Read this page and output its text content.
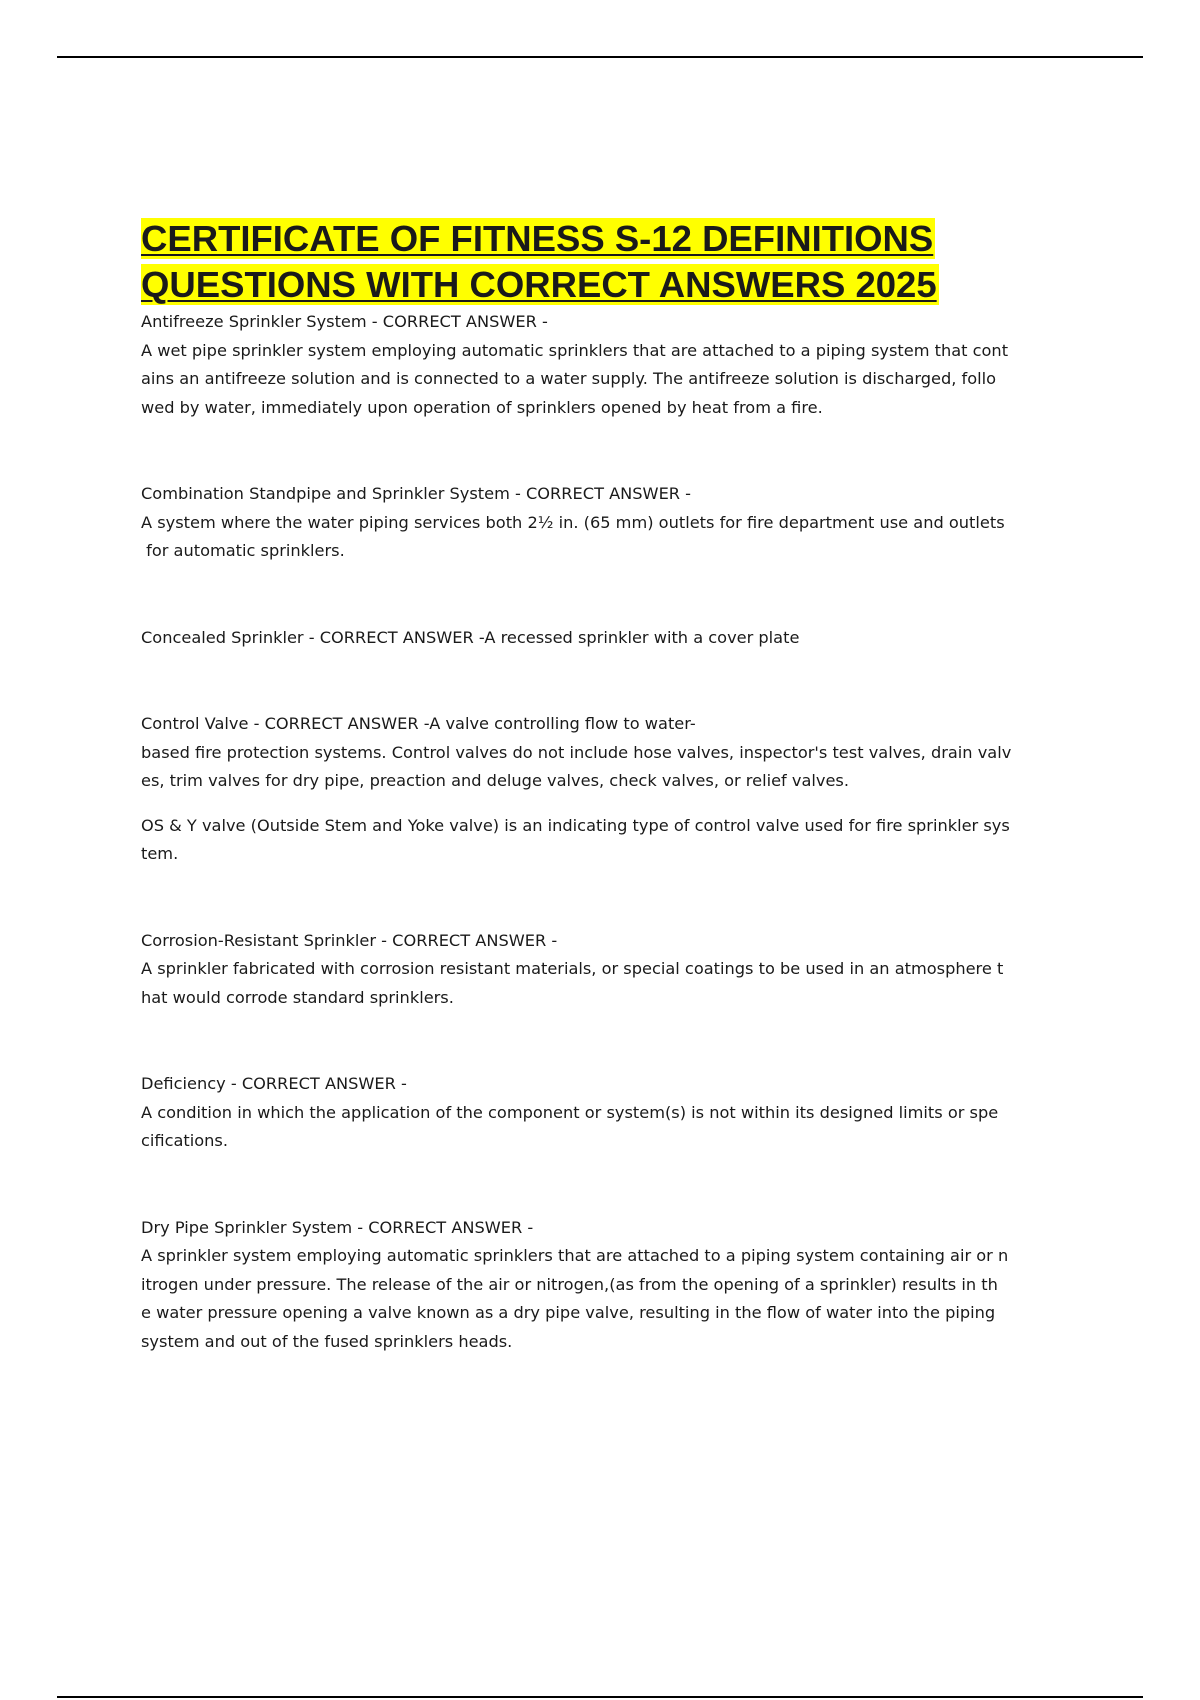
CERTIFICATE OF FITNESS S-12 DEFINITIONS
QUESTIONS WITH CORRECT ANSWERS 2025
Antifreeze Sprinkler System - CORRECT ANSWER -
A wet pipe sprinkler system employing automatic sprinklers that are attached to a piping system that cont
ains an antifreeze solution and is connected to a water supply. The antifreeze solution is discharged, follo
wed by water, immediately upon operation of sprinklers opened by heat from a fire.
Combination Standpipe and Sprinkler System - CORRECT ANSWER -
A system where the water piping services both 2½ in. (65 mm) outlets for fire department use and outlets
for automatic sprinklers.
Concealed Sprinkler - CORRECT ANSWER -A recessed sprinkler with a cover plate
Control Valve - CORRECT ANSWER -A valve controlling flow to water-
based fire protection systems. Control valves do not include hose valves, inspector's test valves, drain valv
es, trim valves for dry pipe, preaction and deluge valves, check valves, or relief valves.
OS & Y valve (Outside Stem and Yoke valve) is an indicating type of control valve used for fire sprinkler sys
tem.
Corrosion-Resistant Sprinkler - CORRECT ANSWER -
A sprinkler fabricated with corrosion resistant materials, or special coatings to be used in an atmosphere t
hat would corrode standard sprinklers.
Deficiency - CORRECT ANSWER -
A condition in which the application of the component or system(s) is not within its designed limits or spe
cifications.
Dry Pipe Sprinkler System - CORRECT ANSWER -
A sprinkler system employing automatic sprinklers that are attached to a piping system containing air or n
itrogen under pressure. The release of the air or nitrogen,(as from the opening of a sprinkler) results in th
e water pressure opening a valve known as a dry pipe valve, resulting in the flow of water into the piping
system and out of the fused sprinklers heads.
